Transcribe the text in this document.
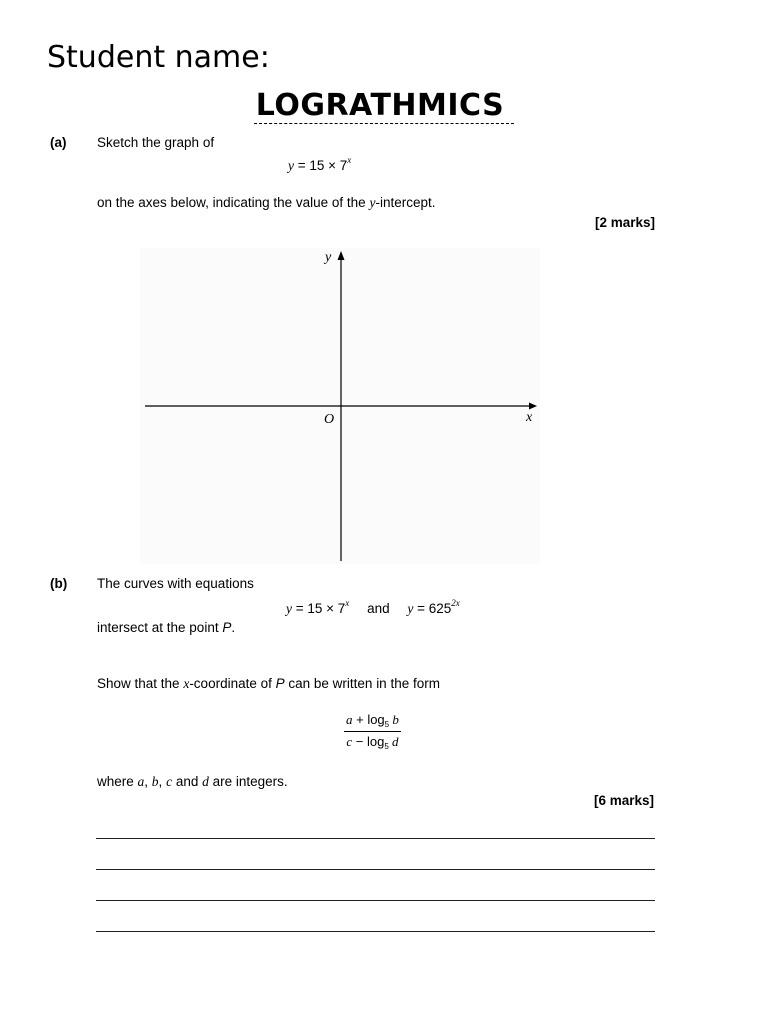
Student name:
LOGRATHMICS
(a) Sketch the graph of
$y = 15 \times 7^x$
on the axes below, indicating the value of the y-intercept.
[2 marks]
y
x
O
(b) The curves with equations
$y = 15 \times 7^x$ and $y = 625^{2x}$
intersect at the point P.
Show that the x-coordinate of P can be written in the form
$a + \log_5 b$
$c - \log_5 d$
where a, b, c and d are integers.
[6 marks]
